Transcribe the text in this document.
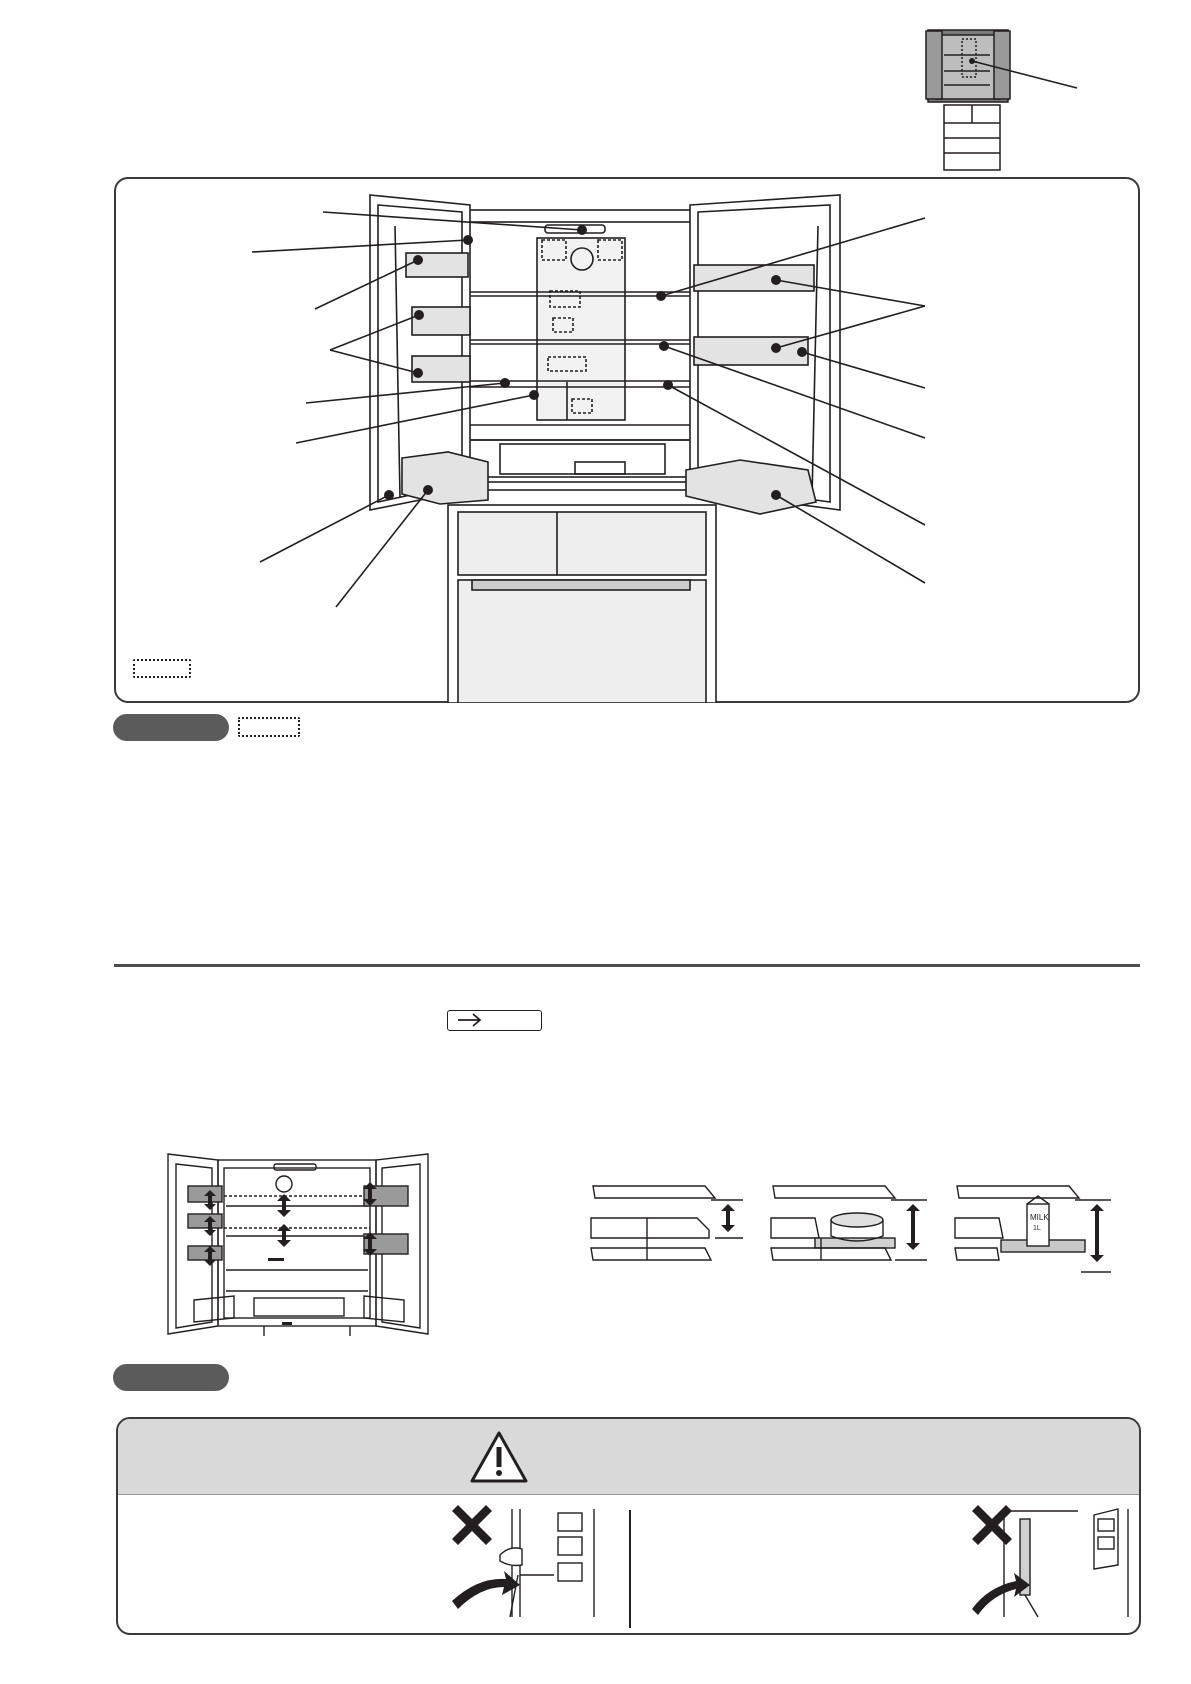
MILK
1L
